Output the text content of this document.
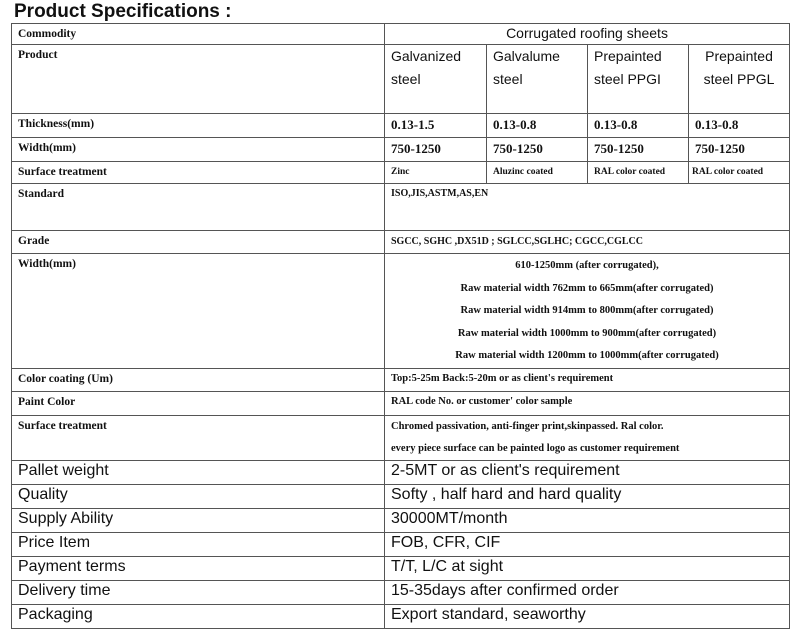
Product Specifications :
Commodity	Corrugated roofing sheets			
Product	Galvanized steel	Galvalume steel	Prepainted steel PPGI	Prepainted steel PPGL
Thickness(mm)	0.13-1.5	0.13-0.8	0.13-0.8	0.13-0.8
Width(mm)	750-1250	750-1250	750-1250	750-1250
Surface treatment	Zinc	Aluzinc coated	RAL color coated	RAL color coated
Standard	ISO,JIS,ASTM,AS,EN			
Grade	SGCC, SGHC ,DX51D ; SGLCC,SGLHC; CGCC,CGLCC			
Width(mm)	610-1250mm (after corrugated),
Raw material width 762mm to 665mm(after corrugated)
Raw material width 914mm to 800mm(after corrugated)
Raw material width 1000mm to 900mm(after corrugated)
Raw material width 1200mm to 1000mm(after corrugated)			

Color coating (Um)	Top:5-25m Back:5-20m or as client's requirement			
Paint Color	RAL code No. or customer' color sample			
Surface treatment	Chromed passivation, anti-finger print,skinpassed. Ral color.
every piece surface can be painted logo as customer requirement			

Pallet weight	2-5MT or as client's requirement			
Quality	Softy , half hard and hard quality			
Supply Ability	30000MT/month			
Price Item	FOB, CFR, CIF			
Payment terms	T/T, L/C at sight			
Delivery time	15-35days after confirmed order			
Packaging	Export standard, seaworthy			
